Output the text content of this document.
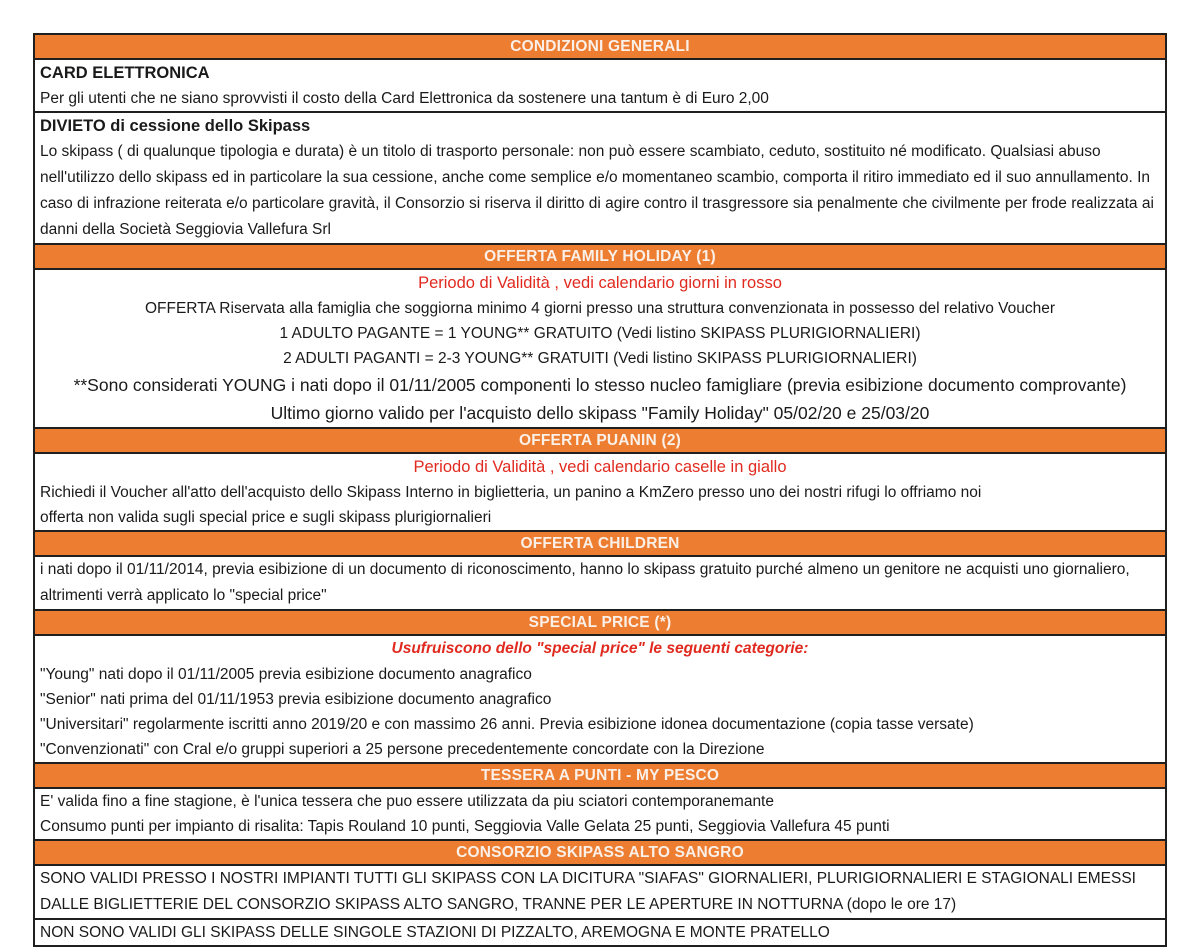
CONDIZIONI GENERALI
CARD ELETTRONICA
Per gli utenti che ne siano sprovvisti il costo della Card Elettronica da sostenere una tantum è di Euro 2,00
DIVIETO di cessione dello Skipass
Lo skipass ( di qualunque tipologia e durata) è un titolo di trasporto personale: non può essere scambiato, ceduto, sostituito né modificato. Qualsiasi abuso nell'utilizzo dello skipass ed in particolare la sua cessione, anche come semplice e/o momentaneo scambio, comporta il ritiro immediato ed il suo annullamento. In caso di infrazione reiterata e/o particolare gravità, il Consorzio si riserva il diritto di agire contro il trasgressore sia penalmente che civilmente per frode realizzata ai danni della Società Seggiovia Vallefura Srl
OFFERTA FAMILY HOLIDAY (1)
Periodo di Validità , vedi calendario giorni in rosso
OFFERTA Riservata alla famiglia che soggiorna minimo 4 giorni presso una struttura convenzionata in possesso del relativo Voucher
1 ADULTO PAGANTE = 1 YOUNG** GRATUITO (Vedi listino SKIPASS PLURIGIORNALIERI)
2 ADULTI PAGANTI = 2-3 YOUNG** GRATUITI (Vedi listino SKIPASS PLURIGIORNALIERI)
**Sono considerati YOUNG i nati dopo il 01/11/2005 componenti lo stesso nucleo famigliare (previa esibizione documento comprovante)
Ultimo giorno valido per l'acquisto dello skipass "Family Holiday" 05/02/20 e 25/03/20
OFFERTA PUANIN (2)
Periodo di Validità , vedi calendario caselle in giallo
Richiedi il Voucher all'atto dell'acquisto dello Skipass Interno in biglietteria, un panino a KmZero presso uno dei nostri rifugi lo offriamo noi
offerta non valida sugli special price e sugli skipass plurigiornalieri
OFFERTA CHILDREN
i nati dopo il 01/11/2014, previa esibizione di un documento di riconoscimento, hanno lo skipass gratuito purché almeno un genitore ne acquisti uno giornaliero, altrimenti verrà applicato lo "special price"
SPECIAL PRICE (*)
Usufruiscono dello "special price" le seguenti categorie:
"Young" nati dopo il 01/11/2005 previa esibizione documento anagrafico
"Senior" nati prima del 01/11/1953 previa esibizione documento anagrafico
"Universitari" regolarmente iscritti anno 2019/20 e con massimo 26 anni. Previa esibizione idonea documentazione (copia tasse versate)
"Convenzionati" con Cral e/o gruppi superiori a 25 persone precedentemente concordate con la Direzione
TESSERA A PUNTI - MY PESCO
E' valida fino a fine stagione, è l'unica tessera che puo essere utilizzata da piu sciatori contemporanemante
Consumo punti per impianto di risalita: Tapis Rouland 10 punti, Seggiovia Valle Gelata 25 punti, Seggiovia Vallefura 45 punti
CONSORZIO SKIPASS ALTO SANGRO
SONO VALIDI PRESSO I NOSTRI IMPIANTI TUTTI GLI SKIPASS CON LA DICITURA "SIAFAS" GIORNALIERI, PLURIGIORNALIERI E STAGIONALI EMESSI DALLE BIGLIETTERIE DEL CONSORZIO SKIPASS ALTO SANGRO, TRANNE PER LE APERTURE IN NOTTURNA (dopo le ore 17)
NON SONO VALIDI GLI SKIPASS DELLE SINGOLE STAZIONI DI PIZZALTO, AREMOGNA E MONTE PRATELLO
